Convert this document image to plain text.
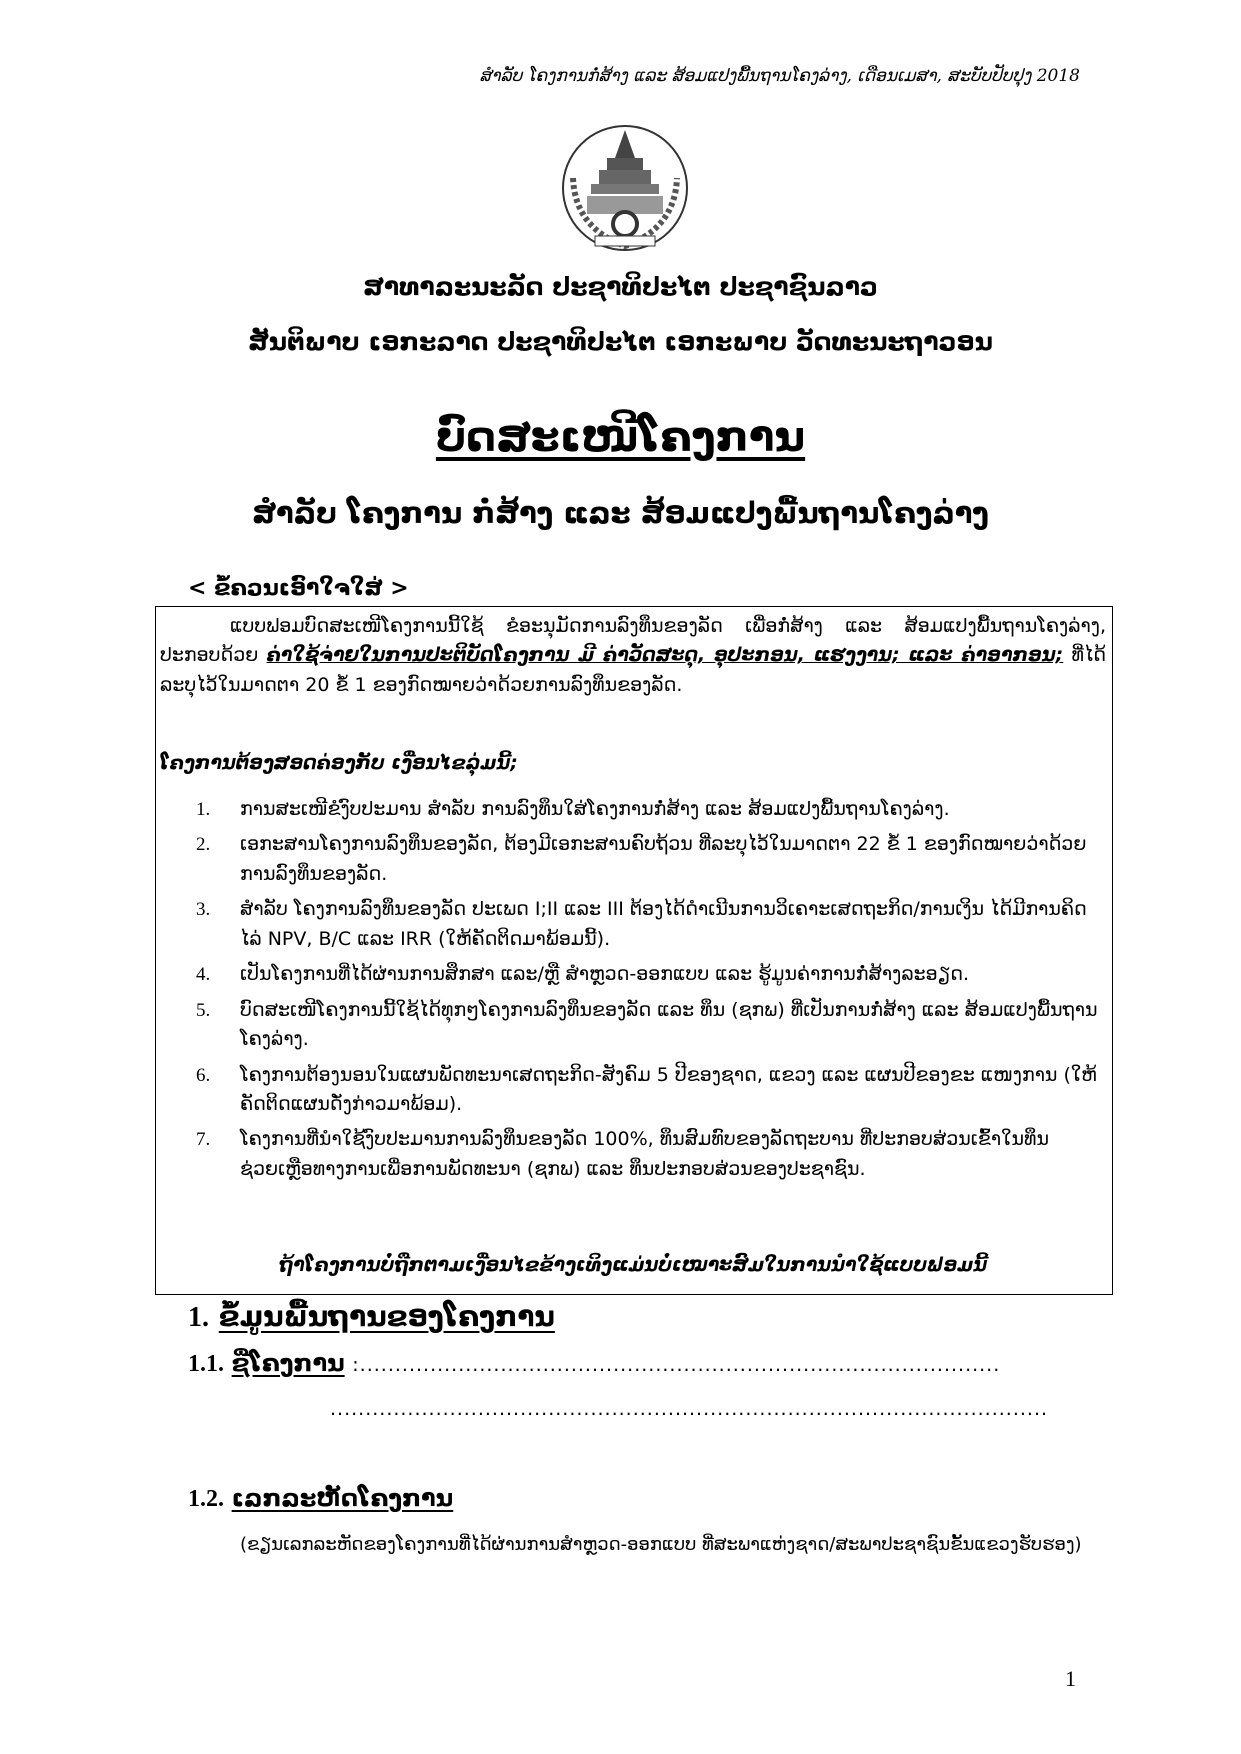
ສຳລັບ ໂຄງການກໍ່ສ້າງ ແລະ ສ້ອມແປງພື້ນຖານໂຄງລ່າງ, ເດືອນເມສາ, ສະບັບປັບປຸງ 2018
ສາທາລະນະລັດ ປະຊາທິປະໄຕ ປະຊາຊົນລາວ
ສັນຕິພາບ ເອກະລາດ ປະຊາທິປະໄຕ ເອກະພາບ ວັດທະນະຖາວອນ
ບົດສະເໜີໂຄງການ
ສຳລັບ ໂຄງການ ກໍ່ສ້າງ ແລະ ສ້ອມແປງພື້ນຖານໂຄງລ່າງ
< ຂໍ້ຄວນເອົາໃຈໃສ່ >
ແບບຟອມບົດສະເໜີໂຄງການນີ້ໃຊ້ ຂໍອະນຸມັດການລົງທຶນຂອງລັດ ເພື່ອກໍ່ສ້າງ ແລະ ສ້ອມແປງພື້ນຖານໂຄງລ່າງ, ປະກອບດ້ວຍ ຄ່າໃຊ້ຈ່າຍໃນການປະຕິບັດໂຄງການ ມີ ຄ່າວັດສະດຸ, ອຸປະກອນ, ແຮງງານ; ແລະ ຄ່າອາກອນ; ທີ່ໄດ້ລະບຸໄວ້ໃນມາດຕາ 20 ຂໍ້ 1 ຂອງກົດໝາຍວ່າດ້ວຍການລົງທຶນຂອງລັດ.
ໂຄງການຕ້ອງສອດຄ່ອງກັບ ເງື່ອນໄຂລຸ່ມນີ້;
1. ການສະເໜີຂໍງົບປະມານ ສຳລັບ ການລົງທຶນໃສ່ໂຄງການກໍ່ສ້າງ ແລະ ສ້ອມແປງພື້ນຖານໂຄງລ່າງ.
2. ເອກະສານໂຄງການລົງທຶນຂອງລັດ, ຕ້ອງມີເອກະສານຄົບຖ້ວນ ທີ່ລະບຸໄວ້ໃນມາດຕາ 22 ຂໍ້ 1 ຂອງກົດໝາຍວ່າດ້ວຍການລົງທຶນຂອງລັດ.
3. ສຳລັບ ໂຄງການລົງທຶນຂອງລັດ ປະເພດ I;II ແລະ III ຕ້ອງໄດ້ດຳເນີນການວິເຄາະເສດຖະກິດ/ການເງິນ ໄດ້ມີການຄິດໄລ່ NPV, B/C ແລະ IRR (ໃຫ້ຄັດຕິດມາພ້ອມນີ້).
4. ເປັນໂຄງການທີ່ໄດ້ຜ່ານການສຶກສາ ແລະ/ຫຼື ສຳຫຼວດ-ອອກແບບ ແລະ ຮູ້ມູນຄ່າການກໍ່ສ້າງລະອຽດ.
5. ບົດສະເໜີໂຄງການນີ້ໃຊ້ໄດ້ທຸກໆໂຄງການລົງທຶນຂອງລັດ ແລະ ທຶນ (ຊກພ) ທີ່ເປັນການກໍ່ສ້າງ ແລະ ສ້ອມແປງພື້ນຖານໂຄງລ່າງ.
6. ໂຄງການຕ້ອງນອນໃນແຜນພັດທະນາເສດຖະກິດ-ສັງຄົມ 5 ປີຂອງຊາດ, ແຂວງ ແລະ ແຜນປີຂອງຂະ ແໜງການ (ໃຫ້ຄັດຕິດແຜນດັ່ງກ່າວມາພ້ອມ).
7. ໂຄງການທີ່ນຳໃຊ້ງົບປະມານການລົງທຶນຂອງລັດ 100%, ທຶນສົມທົບຂອງລັດຖະບານ ທີ່ປະກອບສ່ວນເຂົ້າໃນທຶນຊ່ວຍເຫຼືອທາງການເພື່ອການພັດທະນາ (ຊກພ) ແລະ ທຶນປະກອບສ່ວນຂອງປະຊາຊົນ.
ຖ້າໂຄງການບໍ່ຖືກຕາມເງື່ອນໄຂຂ້າງເທິງແມ່ນບໍ່ເໝາະສົມໃນການນຳໃຊ້ແບບຟອມນີ້
1. ຂໍ້ມູນພື້ນຖານຂອງໂຄງການ
1.1. ຊື່ໂຄງການ :...........................................................................................
......................................................................................................
1.2. ເລກລະຫັດໂຄງການ
(ຂຽນເລກລະຫັດຂອງໂຄງການທີ່ໄດ້ຜ່ານການສຳຫຼວດ-ອອກແບບ ທີ່ສະພາແຫ່ງຊາດ/ສະພາປະຊາຊົນຂັ້ນແຂວງຮັບຮອງ)
1
